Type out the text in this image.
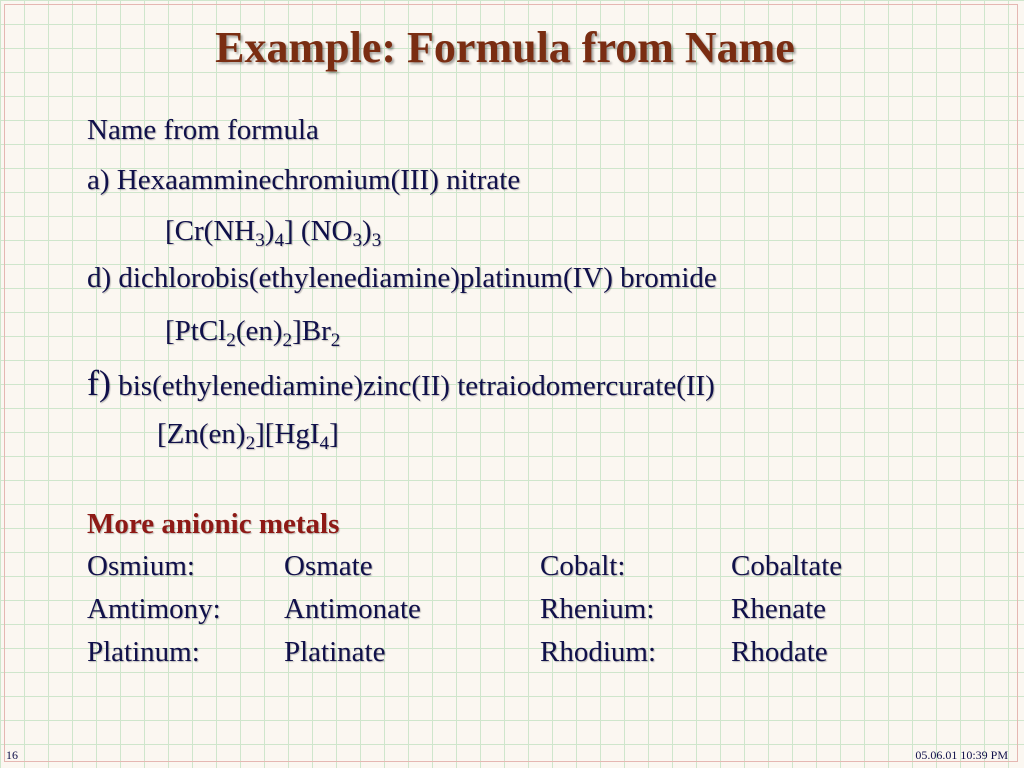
Example: Formula from Name
Name from formula
a) Hexaamminechromium(III) nitrate
$[Cr(NH_3)_4]$ $(NO_3)_3$
d) dichlorobis(ethylenediamine)platinum(IV) bromide
$[PtCl_2(en)_2]Br_2$
f) bis(ethylenediamine)zinc(II) tetraiodomercurate(II)
$[Zn(en)_2][HgI_4]$
More anionic metals
Osmium:	Osmate	Cobalt:	Cobaltate
Amtimony: Antimonate	Rhenium:	Rhenate
Platinum:	Platinate	Rhodium:	Rhodate
16	05.06.01 10:39 PM
